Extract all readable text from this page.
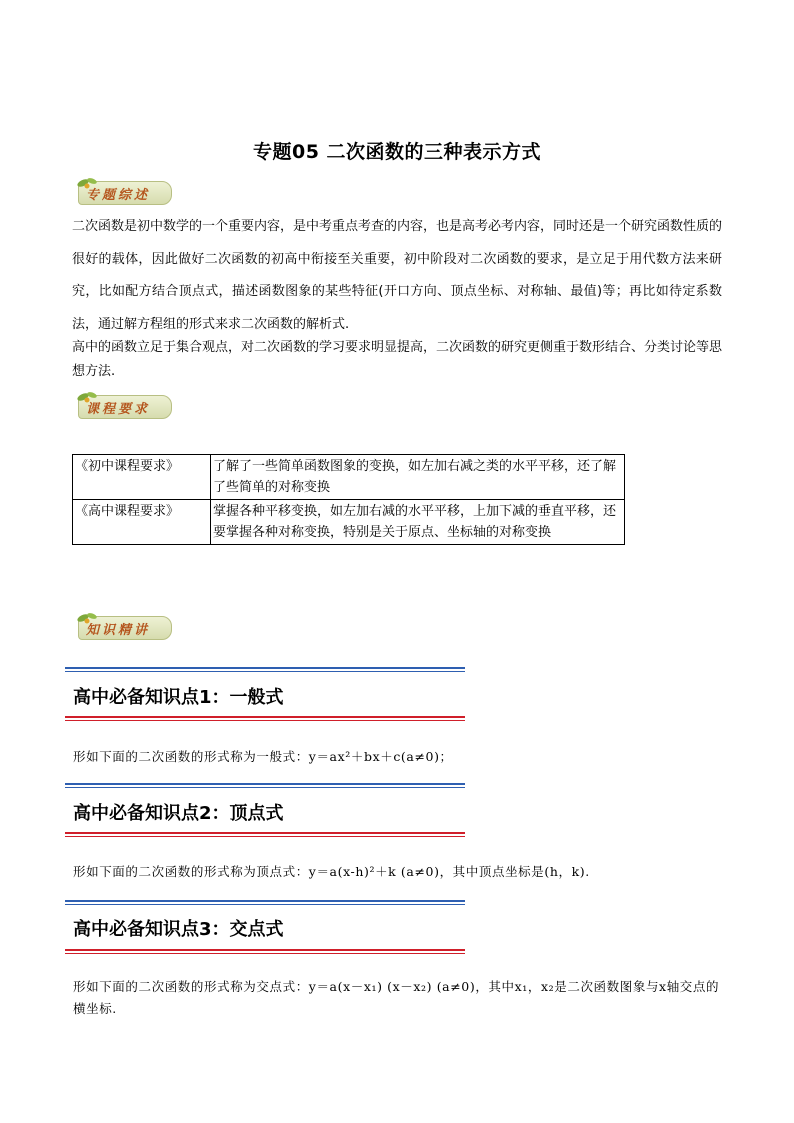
专题05 二次函数的三种表示方式
专题综述
二次函数是初中数学的一个重要内容，是中考重点考查的内容，也是高考必考内容，同时还是一个研究函数性质的很好的载体，因此做好二次函数的初高中衔接至关重要，初中阶段对二次函数的要求，是立足于用代数方法来研究，比如配方结合顶点式，描述函数图象的某些特征(开口方向、顶点坐标、对称轴、最值)等；再比如待定系数法，通过解方程组的形式来求二次函数的解析式.
高中的函数立足于集合观点，对二次函数的学习要求明显提高，二次函数的研究更侧重于数形结合、分类讨论等思想方法.
课程要求
《初中课程要求》	了解了一些简单函数图象的变换，如左加右减之类的水平平移，还了解了些简单的对称变换
《高中课程要求》	掌握各种平移变换，如左加右减的水平平移，上加下减的垂直平移，还要掌握各种对称变换，特别是关于原点、坐标轴的对称变换
知识精讲
高中必备知识点1：一般式
形如下面的二次函数的形式称为一般式：y＝ax²＋bx＋c(a≠0)；
高中必备知识点2：顶点式
形如下面的二次函数的形式称为顶点式：y＝a(x-h)²＋k (a≠0)，其中顶点坐标是(h，k).
高中必备知识点3：交点式
形如下面的二次函数的形式称为交点式：y＝a(x－x₁) (x－x₂) (a≠0)，其中x₁，x₂是二次函数图象与x轴交点的横坐标.
